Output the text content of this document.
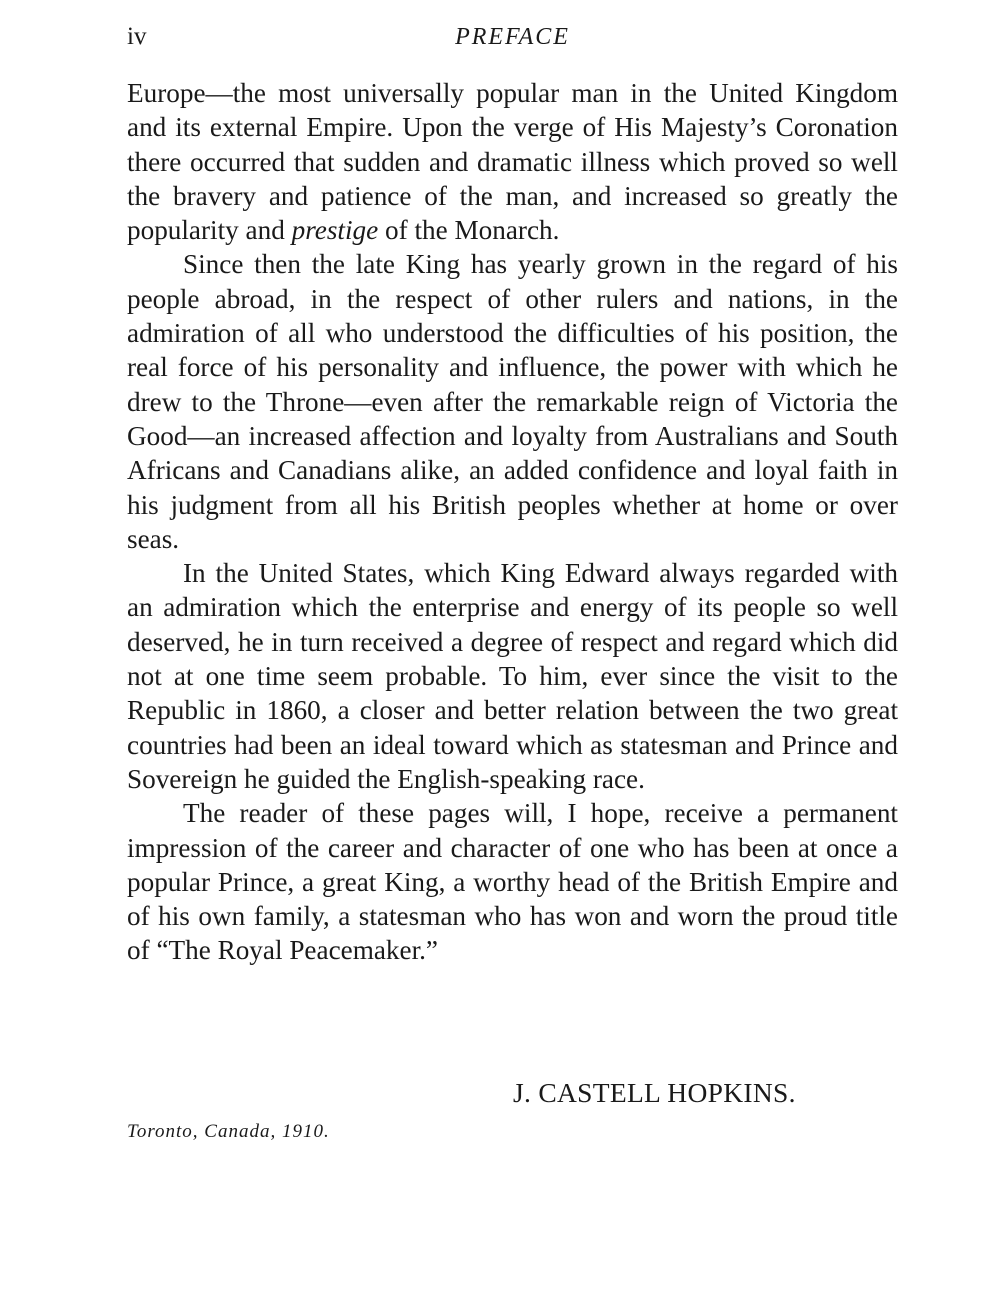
iv	PREFACE

Europe—the most universally popular man in the United Kingdom and its external Empire. Upon the verge of His Majesty’s Coronation there occurred that sudden and dramatic illness which proved so well the bravery and patience of the man, and increased so greatly the popularity and prestige of the Monarch.

Since then the late King has yearly grown in the regard of his people abroad, in the respect of other rulers and nations, in the admiration of all who understood the difficulties of his position, the real force of his personality and influence, the power with which he drew to the Throne—even after the remarkable reign of Victoria the Good—an increased affection and loyalty from Australians and South Africans and Canadians alike, an added confidence and loyal faith in his judgment from all his British peoples whether at home or over seas.

In the United States, which King Edward always regarded with an admiration which the enterprise and energy of its people so well deserved, he in turn received a degree of respect and regard which did not at one time seem probable. To him, ever since the visit to the Republic in 1860, a closer and better relation between the two great countries had been an ideal toward which as statesman and Prince and Sovereign he guided the English-speaking race.

The reader of these pages will, I hope, receive a permanent impression of the career and character of one who has been at once a popular Prince, a great King, a worthy head of the British Empire and of his own family, a statesman who has won and worn the proud title of “The Royal Peacemaker.”

J. CASTELL HOPKINS.
Toronto, Canada, 1910.
